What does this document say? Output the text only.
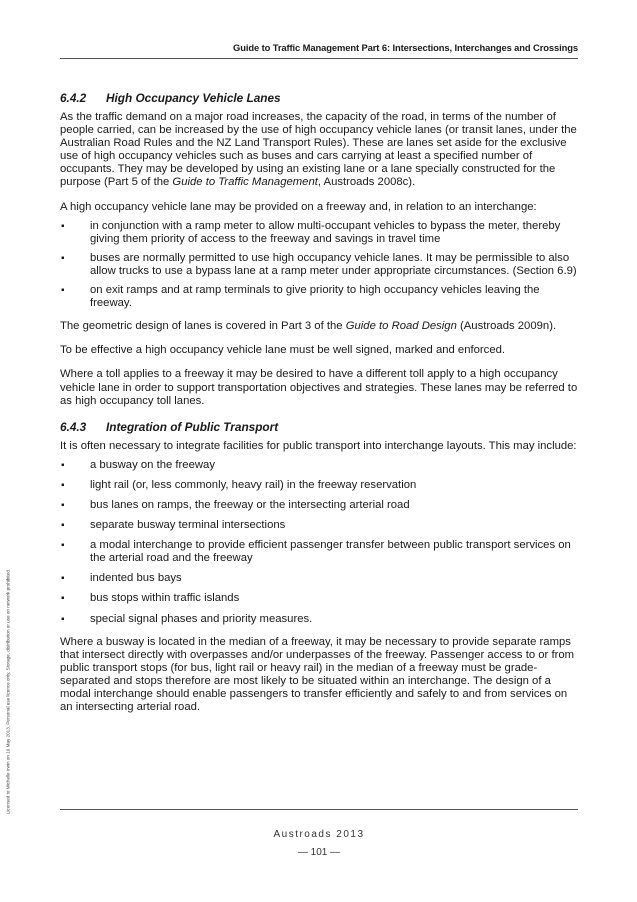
Guide to Traffic Management Part 6: Intersections, Interchanges and Crossings
Licensed to Michelle Irwin on 10 May 2013. Personal use licence only. Storage, distribution or use on network prohibited.
6.4.2 High Occupancy Vehicle Lanes

As the traffic demand on a major road increases, the capacity of the road, in terms of the number of people carried, can be increased by the use of high occupancy vehicle lanes (or transit lanes, under the Australian Road Rules and the NZ Land Transport Rules). These are lanes set aside for the exclusive use of high occupancy vehicles such as buses and cars carrying at least a specified number of occupants. They may be developed by using an existing lane or a lane specially constructed for the purpose (Part 5 of the Guide to Traffic Management, Austroads 2008c).

A high occupancy vehicle lane may be provided on a freeway and, in relation to an interchange:

▪ in conjunction with a ramp meter to allow multi-occupant vehicles to bypass the meter, thereby giving them priority of access to the freeway and savings in travel time
▪ buses are normally permitted to use high occupancy vehicle lanes. It may be permissible to also allow trucks to use a bypass lane at a ramp meter under appropriate circumstances. (Section 6.9)
▪ on exit ramps and at ramp terminals to give priority to high occupancy vehicles leaving the freeway.

The geometric design of lanes is covered in Part 3 of the Guide to Road Design (Austroads 2009n).

To be effective a high occupancy vehicle lane must be well signed, marked and enforced.

Where a toll applies to a freeway it may be desired to have a different toll apply to a high occupancy vehicle lane in order to support transportation objectives and strategies. These lanes may be referred to as high occupancy toll lanes.

6.4.3 Integration of Public Transport

It is often necessary to integrate facilities for public transport into interchange layouts. This may include:

▪ a busway on the freeway
▪ light rail (or, less commonly, heavy rail) in the freeway reservation
▪ bus lanes on ramps, the freeway or the intersecting arterial road
▪ separate busway terminal intersections
▪ a modal interchange to provide efficient passenger transfer between public transport services on the arterial road and the freeway
▪ indented bus bays
▪ bus stops within traffic islands
▪ special signal phases and priority measures.

Where a busway is located in the median of a freeway, it may be necessary to provide separate ramps that intersect directly with overpasses and/or underpasses of the freeway. Passenger access to or from public transport stops (for bus, light rail or heavy rail) in the median of a freeway must be grade-separated and stops therefore are most likely to be situated within an interchange. The design of a modal interchange should enable passengers to transfer efficiently and safely to and from services on an intersecting arterial road.

Austroads 2013
— 101 —
